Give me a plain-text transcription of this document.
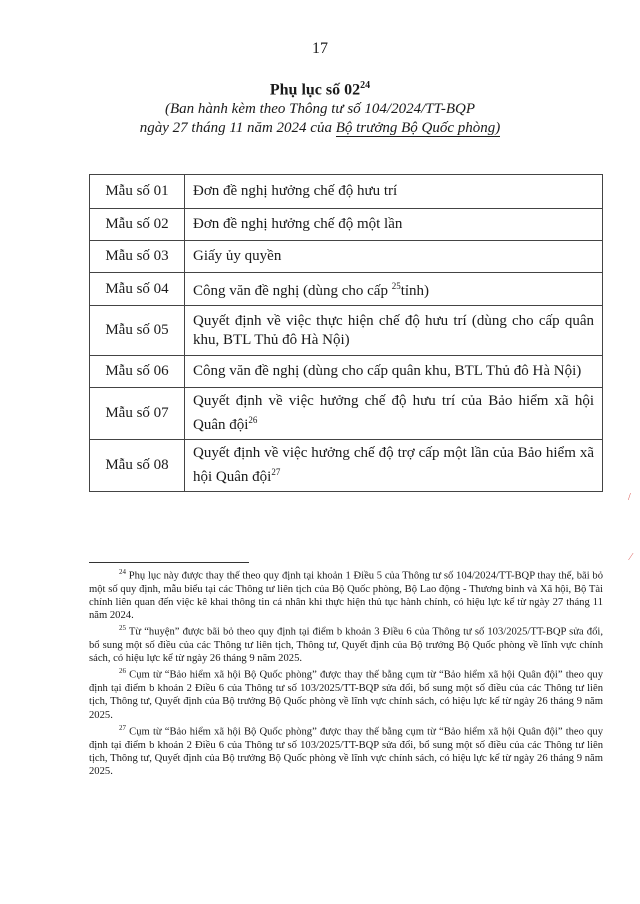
17
Phụ lục số $02^{24}$
(Ban hành kèm theo Thông tư số 104/2024/TT-BQP
ngày 27 tháng 11 năm 2024 của Bộ trưởng Bộ Quốc phòng)
Mẫu số 01	Đơn đề nghị hưởng chế độ hưu trí
Mẫu số 02	Đơn đề nghị hưởng chế độ một lần
Mẫu số 03	Giấy ủy quyền
Mẫu số 04	Công văn đề nghị (dùng cho cấp $^{25}$tỉnh)
Mẫu số 05	Quyết định về việc thực hiện chế độ hưu trí (dùng cho cấp quân khu, BTL Thủ đô Hà Nội)
Mẫu số 06	Công văn đề nghị (dùng cho cấp quân khu, BTL Thủ đô Hà Nội)
Mẫu số 07	Quyết định về việc hưởng chế độ hưu trí của Bảo hiểm xã hội Quân đội$^{26}$
Mẫu số 08	Quyết định về việc hưởng chế độ trợ cấp một lần của Bảo hiểm xã hội Quân đội$^{27}$
/
⁄

$^{24}$ Phụ lục này được thay thế theo quy định tại khoản 1 Điều 5 của Thông tư số 104/2024/TT-BQP thay thế, bãi bỏ một số quy định, mẫu biểu tại các Thông tư liên tịch của Bộ Quốc phòng, Bộ Lao động - Thương binh và Xã hội, Bộ Tài chính liên quan đến việc kê khai thông tin cá nhân khi thực hiện thủ tục hành chính, có hiệu lực kể từ ngày 27 tháng 11 năm 2024.

$^{25}$ Từ “huyện” được bãi bỏ theo quy định tại điểm b khoản 3 Điều 6 của Thông tư số 103/2025/TT-BQP sửa đổi, bổ sung một số điều của các Thông tư liên tịch, Thông tư, Quyết định của Bộ trưởng Bộ Quốc phòng về lĩnh vực chính sách, có hiệu lực kể từ ngày 26 tháng 9 năm 2025.

$^{26}$ Cụm từ “Bảo hiểm xã hội Bộ Quốc phòng” được thay thế bằng cụm từ “Bảo hiểm xã hội Quân đội” theo quy định tại điểm b khoản 2 Điều 6 của Thông tư số 103/2025/TT-BQP sửa đổi, bổ sung một số điều của các Thông tư liên tịch, Thông tư, Quyết định của Bộ trưởng Bộ Quốc phòng về lĩnh vực chính sách, có hiệu lực kể từ ngày 26 tháng 9 năm 2025.

$^{27}$ Cụm từ “Bảo hiểm xã hội Bộ Quốc phòng” được thay thế bằng cụm từ “Bảo hiểm xã hội Quân đội” theo quy định tại điểm b khoản 2 Điều 6 của Thông tư số 103/2025/TT-BQP sửa đổi, bổ sung một số điều của các Thông tư liên tịch, Thông tư, Quyết định của Bộ trưởng Bộ Quốc phòng về lĩnh vực chính sách, có hiệu lực kể từ ngày 26 tháng 9 năm 2025.
